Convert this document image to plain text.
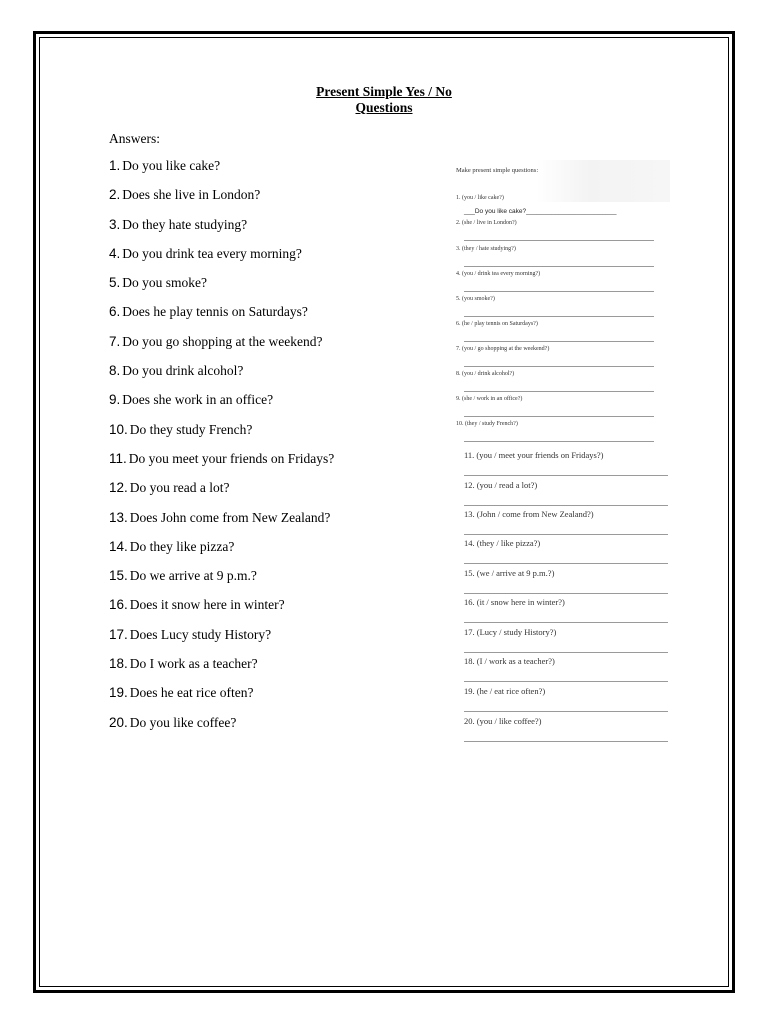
Present Simple Yes / No
Questions
Answers:
1. Do you like cake?
2. Does she live in London?
3. Do they hate studying?
4. Do you drink tea every morning?
5. Do you smoke?
6. Does he play tennis on Saturdays?
7. Do you go shopping at the weekend?
8. Do you drink alcohol?
9. Does she work in an office?
10. Do they study French?
11. Do you meet your friends on Fridays?
12. Do you read a lot?
13. Does John come from New Zealand?
14. Do they like pizza?
15. Do we arrive at 9 p.m.?
16. Does it snow here in winter?
17. Does Lucy study History?
18. Do I work as a teacher?
19. Does he eat rice often?
20. Do you like coffee?
Make present simple questions:
1. (you / like cake?)
___Do you like cake?_________________________
2. (she / live in London?)
3. (they / hate studying?)
4. (you / drink tea every morning?)
5. (you smoke?)
6. (he / play tennis on Saturdays?)
7. (you / go shopping at the weekend?)
8. (you / drink alcohol?)
9. (she / work in an office?)
10. (they / study French?)
11. (you / meet your friends on Fridays?)
12. (you / read a lot?)
13. (John / come from New Zealand?)
14. (they / like pizza?)
15. (we / arrive at 9 p.m.?)
16. (it / snow here in winter?)
17. (Lucy / study History?)
18. (I / work as a teacher?)
19. (he / eat rice often?)
20. (you / like coffee?)
